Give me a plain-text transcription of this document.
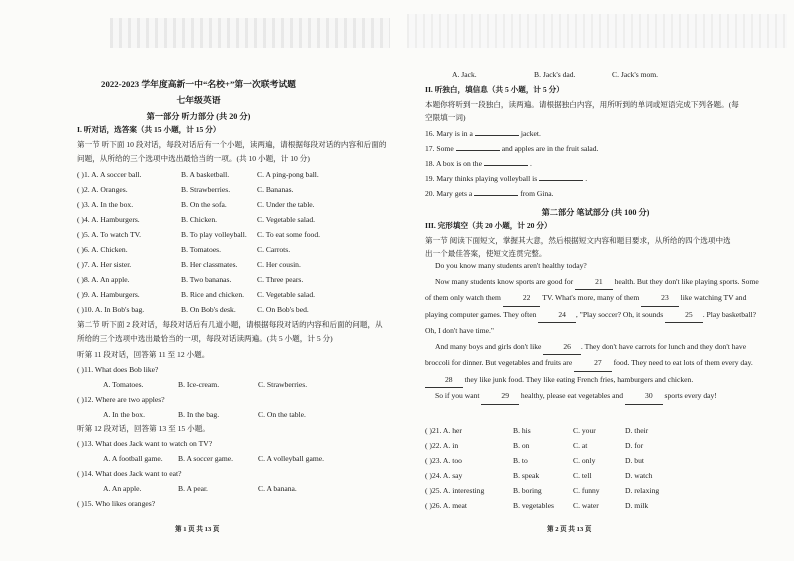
2022-2023 学年度高新一中“名校+”第一次联考试题
七年级英语
第一部分 听力部分 (共 20 分)
I. 听对话，选答案（共 15 小题，计 15 分）
第一节 听下面 10 段对话，每段对话后有一个小题，读两遍，请根据每段对话的内容和后面的
问题，从所给的三个选项中选出最恰当的一项。(共 10 小题，计 10 分)
( )1. A. A soccer ball.	B. A basketball.	C. A ping-pong ball.
( )2. A. Oranges.	B. Strawberries.	C. Bananas.
( )3. A. In the box.	B. On the sofa.	C. Under the table.
( )4. A. Hamburgers.	B. Chicken.	C. Vegetable salad.
( )5. A. To watch TV.	B. To play volleyball. C. To eat some food.
( )6. A. Chicken.	B. Tomatoes.	C. Carrots.
( )7. A. Her sister.	B. Her classmates.	C. Her cousin.
( )8. A. An apple.	B. Two bananas.	C. Three pears.
( )9. A. Hamburgers.	B. Rice and chicken. C. Vegetable salad.
( )10. A. In Bob's bag.	B. On Bob's desk.	C. On Bob's bed.
第二节 听下面 2 段对话，每段对话后有几道小题，请根据每段对话的内容和后面的问题，从
所给的三个选项中选出最恰当的一项，每段对话读两遍。(共 5 小题，计 5 分)
听第 11 段对话，回答第 11 至 12 小题。
( )11. What does Bob like?
A. Tomatoes.	B. Ice-cream.	C. Strawberries.
( )12. Where are two apples?
A. In the box.	B. In the bag.	C. On the table.
听第 12 段对话，回答第 13 至 15 小题。
( )13. What does Jack want to watch on TV?
A. A football game. B. A soccer game.	C. A volleyball game.
( )14. What does Jack want to eat?
A. An apple.	B. A pear.	C. A banana.
( )15. Who likes oranges?
第 1 页 共 13 页
A. Jack.	B. Jack's dad.	C. Jack's mom.
II. 听独白，填信息（共 5 小题，计 5 分）
本题你将听到一段独白，读两遍。请根据独白内容，用所听到的单词或短语完成下列各题。(每
空限填一词)
16. Mary is in a	jacket.
17. Some	and apples are in the fruit salad.
18. A box is on the	.
19. Mary thinks playing volleyball is	.
20. Mary gets a	from Gina.
第二部分 笔试部分 (共 100 分)
III. 完形填空（共 20 小题，计 20 分）
第一节 阅读下面短文，掌握其大意，然后根据短文内容和题目要求，从所给的四个选项中选
出一个最佳答案，使短文连贯完整。
Do you know many students aren't healthy today?
Now many students know sports are good for	21 health. But they don't like playing sports. Some of them only watch them	22 TV. What's more, many of them	23 like watching TV and playing computer games. They often	24 , "Play soccer? Oh, it sounds	25 . Play basketball? Oh, I don't have time."
And many boys and girls don't like	26 . They don't have carrots for lunch and they don't have broccoli for dinner. But vegetables and fruits are	27 food. They need to eat lots of them every day. 28 they like junk food. They like eating French fries, hamburgers and chicken.
So if you want	29 healthy, please eat vegetables and	30 sports every day!
( )21. A. her	B. his	C. your	D. their
( )22. A. in	B. on	C. at	D. for
( )23. A. too	B. to	C. only	D. but
( )24. A. say	B. speak	C. tell	D. watch
( )25. A. interesting	B. boring	C. funny	D. relaxing
( )26. A. meat	B. vegetables	C. water	D. milk
第 2 页 共 13 页
